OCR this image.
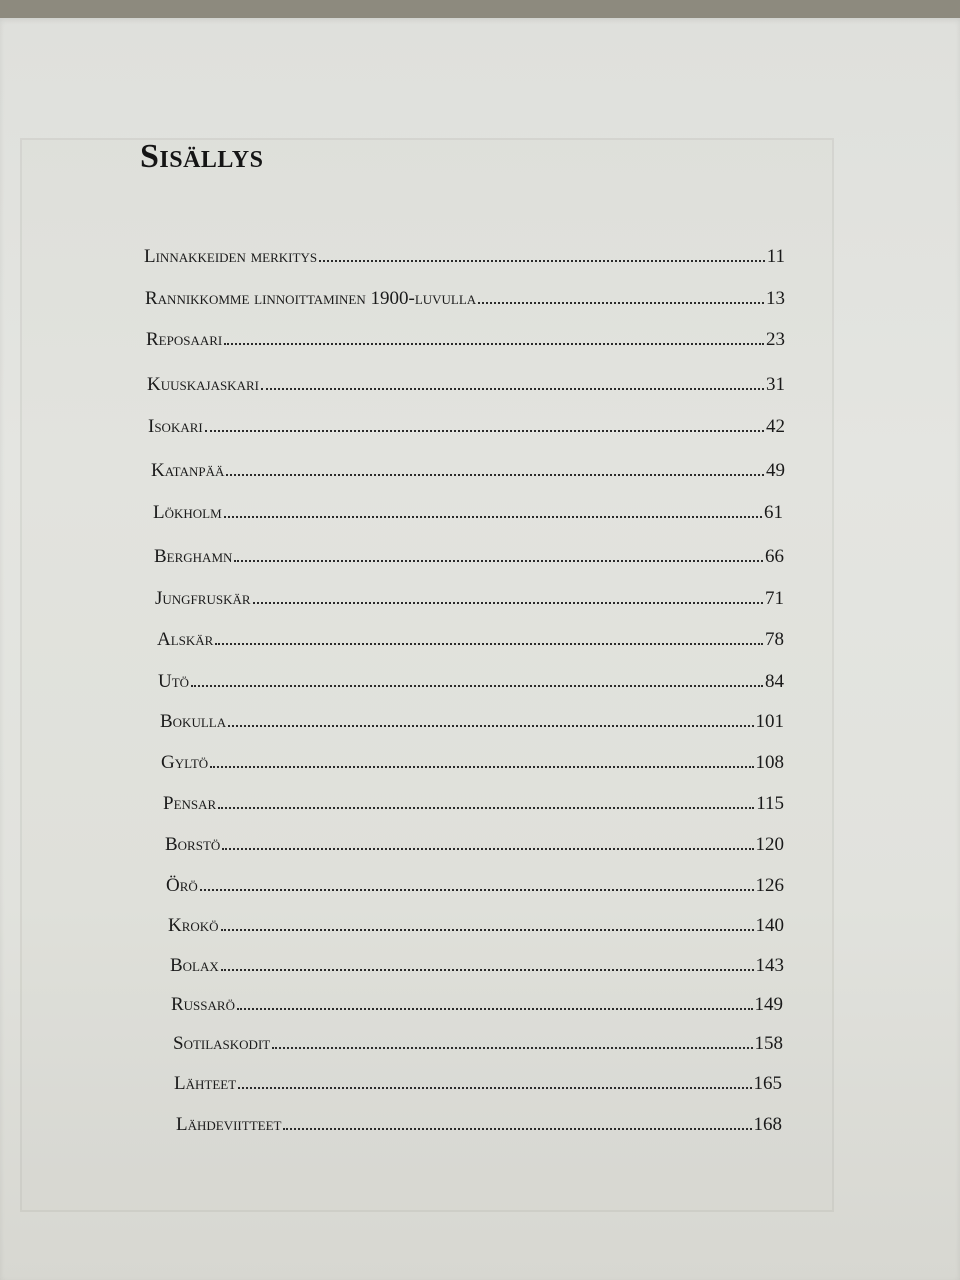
Sisällys
Linnakkeiden merkitys	11
Rannikkomme linnoittaminen 1900-luvulla	13
Reposaari	23
Kuuskajaskari	31
Isokari	42
Katanpää	49
Lökholm	61
Berghamn	66
Jungfruskär	71
Alskär	78
Utö	84
Bokulla	101
Gyltö	108
Pensar	115
Borstö	120
Örö	126
Krokö	140
Bolax	143
Russarö	149
Sotilaskodit	158
Lähteet	165
Lähdeviitteet	168
